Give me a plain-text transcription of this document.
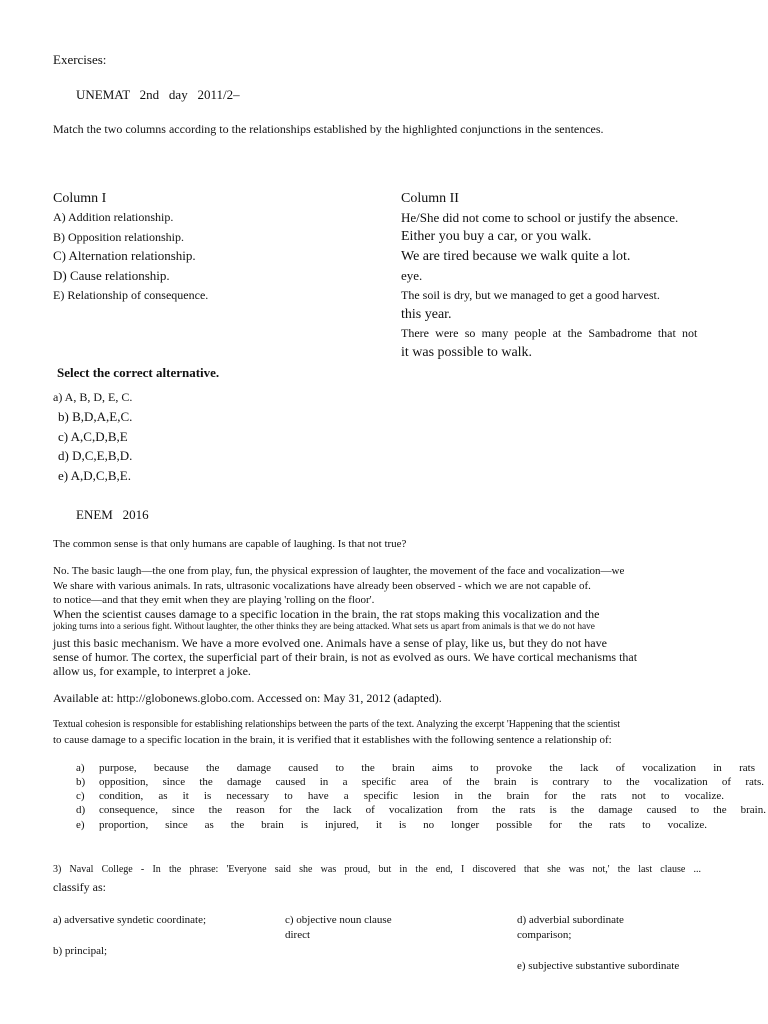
Exercises:
UNEMAT   2nd   day   2011/2–
Match the two columns according to the relationships established by the highlighted conjunctions in the sentences.
Column I
A) Addition relationship.
B) Opposition relationship.
C) Alternation relationship.
D) Cause relationship.
E) Relationship of consequence.
Column II
He/She did not come to school or justify the absence.
Either you buy a car, or you walk.
We are tired because we walk quite a lot.
eye.
The soil is dry, but we managed to get a good harvest.
this year.
There were so many people at the Sambadrome that not
it was possible to walk.
Select the correct alternative.
a) A, B, D, E, C.
b) B,D,A,E,C.
c) A,C,D,B,E
d) D,C,E,B,D.
e) A,D,C,B,E.
ENEM   2016
The common sense is that only humans are capable of laughing. Is that not true?
No. The basic laugh—the one from play, fun, the physical expression of laughter, the movement of the face and vocalization—we
We share with various animals. In rats, ultrasonic vocalizations have already been observed - which we are not capable of.
to notice—and that they emit when they are playing 'rolling on the floor'.
When the scientist causes damage to a specific location in the brain, the rat stops making this vocalization and the
joking turns into a serious fight. Without laughter, the other thinks they are being attacked. What sets us apart from animals is that we do not have
just this basic mechanism. We have a more evolved one. Animals have a sense of play, like us, but they do not have
sense of humor. The cortex, the superficial part of their brain, is not as evolved as ours. We have cortical mechanisms that
allow us, for example, to interpret a joke.
Available at: http://globonews.globo.com. Accessed on: May 31, 2012 (adapted).
Textual cohesion is responsible for establishing relationships between the parts of the text. Analyzing the excerpt 'Happening that the scientist
to cause damage to a specific location in the brain, it is verified that it establishes with the following sentence a relationship of:
a) purpose, because the damage caused to the brain aims to provoke the lack of vocalization in rats
b) opposition, since the damage caused in a specific area of the brain is contrary to the vocalization of rats.
c) condition, as it is necessary to have a specific lesion in the brain for the rats not to vocalize.
d) consequence, since the reason for the lack of vocalization from the rats is the damage caused to the brain.
e) proportion, since as the brain is injured, it is no longer possible for the rats to vocalize.
3) Naval College - In the phrase: 'Everyone said she was proud, but in the end, I discovered that she was not,' the last clause ...
classify as:
a) adversative syndetic coordinate;
b) principal;
c) objective noun clause
direct
d) adverbial subordinate
comparison;
e) subjective substantive subordinate
